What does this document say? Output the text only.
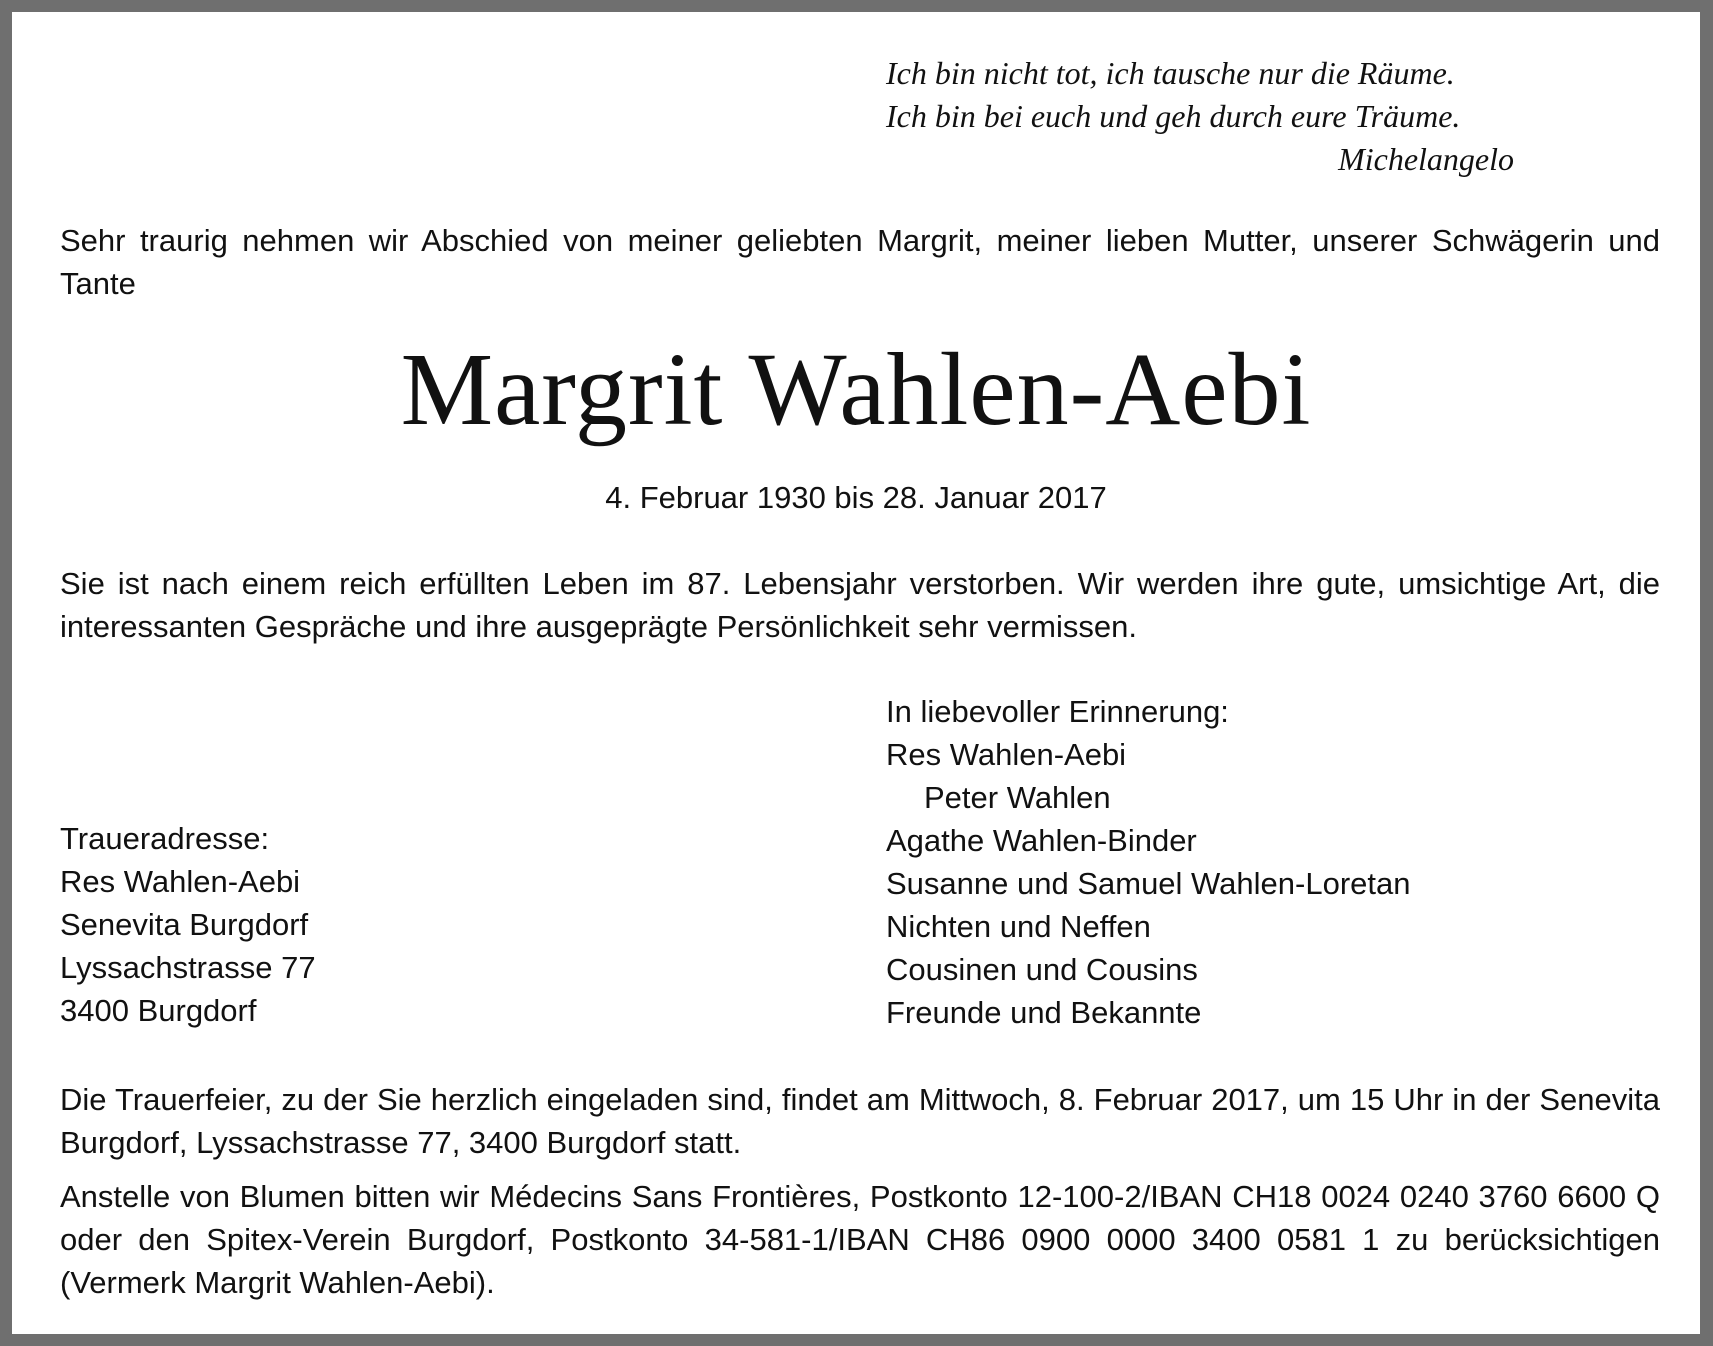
Ich bin nicht tot, ich tausche nur die Räume.
Ich bin bei euch und geh durch eure Träume.
Michelangelo
Sehr traurig nehmen wir Abschied von meiner geliebten Margrit, meiner lieben Mutter, unserer Schwägerin und Tante
Margrit Wahlen-Aebi
4. Februar 1930 bis 28. Januar 2017
Sie ist nach einem reich erfüllten Leben im 87. Lebensjahr verstorben. Wir werden ihre gute, umsichtige Art, die interessanten Gespräche und ihre ausgeprägte Persönlichkeit sehr vermissen.
In liebevoller Erinnerung:
Res Wahlen-Aebi
Peter Wahlen
Agathe Wahlen-Binder
Susanne und Samuel Wahlen-Loretan
Nichten und Neffen
Cousinen und Cousins
Freunde und Bekannte
Traueradresse:
Res Wahlen-Aebi
Senevita Burgdorf
Lyssachstrasse 77
3400 Burgdorf
Die Trauerfeier, zu der Sie herzlich eingeladen sind, findet am Mittwoch, 8. Februar 2017, um 15 Uhr in der Senevita Burgdorf, Lyssachstrasse 77, 3400 Burgdorf statt.
Anstelle von Blumen bitten wir Médecins Sans Frontières, Postkonto 12-100-2/IBAN CH18 0024 0240 3760 6600 Q oder den Spitex-Verein Burgdorf, Postkonto 34-581-1/IBAN CH86 0900 0000 3400 0581 1 zu berücksichtigen (Vermerk Margrit Wahlen-Aebi).
